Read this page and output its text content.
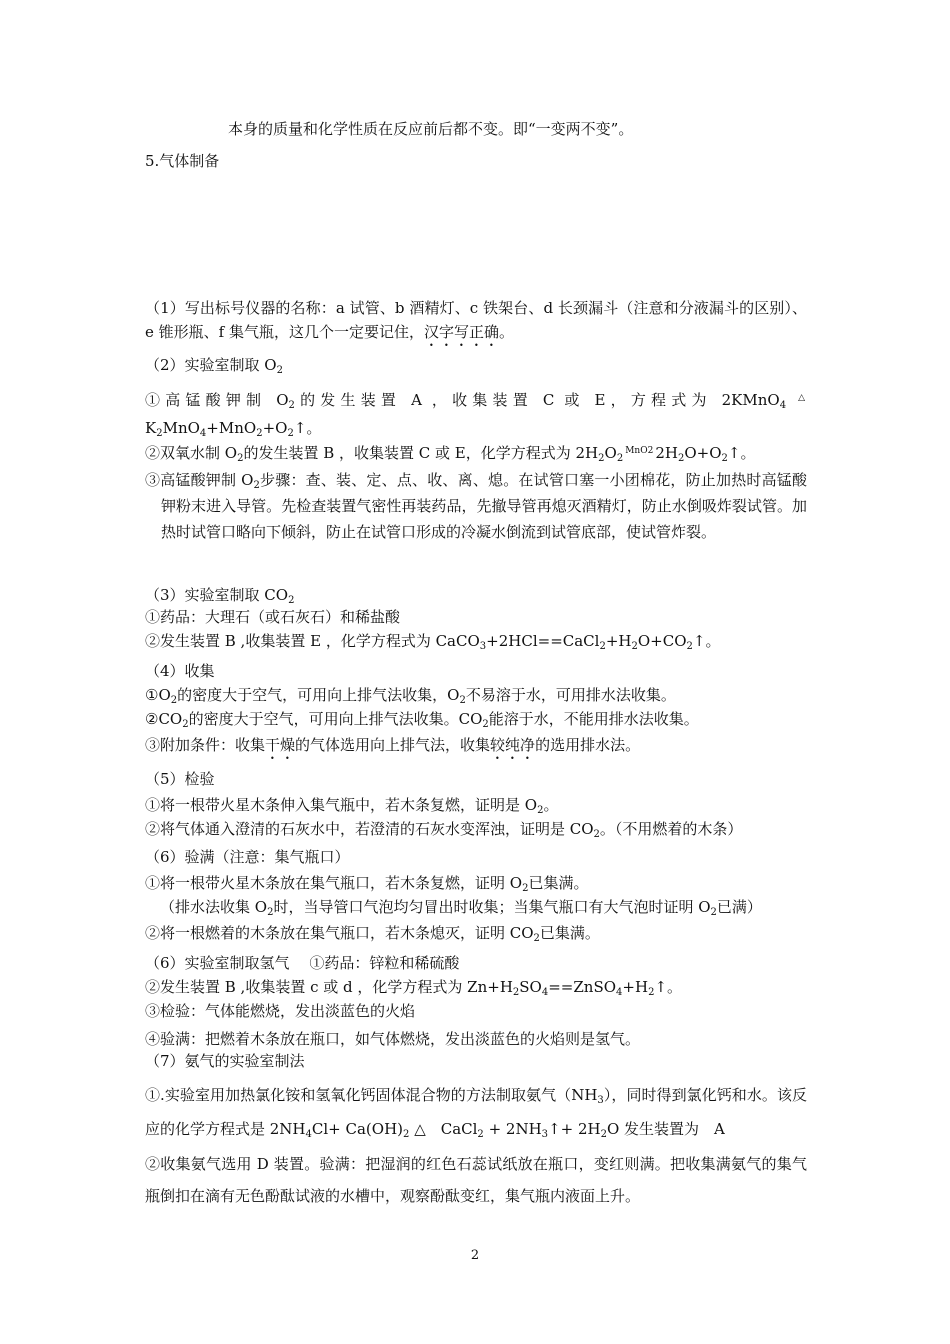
本身的质量和化学性质在反应前后都不变。即“一变两不变”。
5.气体制备
（1）写出标号仪器的名称：a 试管、b 酒精灯、c 铁架台、d 长颈漏斗（注意和分液漏斗的区别）、e 锥形瓶、f 集气瓶，这几个一定要记住，汉字写正确。
（2）实验室制取 $O_2$
①高锰酸钾制 $O_2$的发生装置 A ，收集装置 C 或 E，方程式为 2KMnO$_4$ △ $K_2MnO_4+MnO_2+O_2↑$。
②双氧水制 $O_2$的发生装置 B ，收集装置 C 或 E，化学方程式为 $2H_2O_2^{MnO2}$ $2H_2O+O_2↑$。
③高锰酸钾制 $O_2$步骤：查、装、定、点、收、离、熄。在试管口塞一小团棉花，防止加热时高锰酸钾粉末进入导管。先检查装置气密性再装药品，先撤导管再熄灭酒精灯，防止水倒吸炸裂试管。加热时试管口略向下倾斜，防止在试管口形成的冷凝水倒流到试管底部，使试管炸裂。
（3）实验室制取 $CO_2$
①药品：大理石（或石灰石）和稀盐酸
②发生装置 B ,收集装置 E ，化学方程式为 $CaCO_3+2HCl==CaCl_2+H_2O+CO_2↑$。
（4）收集
$①O_2$的密度大于空气，可用向上排气法收集，$O_2$不易溶于水，可用排水法收集。
$②CO_2$的密度大于空气，可用向上排气法收集。$CO_2$能溶于水，不能用排水法收集。
③附加条件：收集干燥的气体选用向上排气法，收集较纯净的选用排水法。
（5）检验
①将一根带火星木条伸入集气瓶中，若木条复燃，证明是 $O_2$。
②将气体通入澄清的石灰水中，若澄清的石灰水变浑浊，证明是 $CO_2$。（不用燃着的木条）
（6）验满（注意：集气瓶口）
①将一根带火星木条放在集气瓶口，若木条复燃，证明 $O_2$已集满。
（排水法收集 $O_2$时，当导管口气泡均匀冒出时收集；当集气瓶口有大气泡时证明 $O_2$已满）
②将一根燃着的木条放在集气瓶口，若木条熄灭，证明 $CO_2$已集满。
（6）实验室制取氢气　 ①药品：锌粒和稀硫酸
②发生装置 B ,收集装置 c 或 d ，化学方程式为 $Zn+H_2SO_4==ZnSO_4+H_2↑$。
③检验：气体能燃烧，发出淡蓝色的火焰
④验满：把燃着木条放在瓶口，如气体燃烧，发出淡蓝色的火焰则是氢气。
（7）氨气的实验室制法
①.实验室用加热氯化铵和氢氧化钙固体混合物的方法制取氨气$(NH_3)$，同时得到氯化钙和水。该反应的化学方程式是 $2NH_4Cl+ Ca(OH)_2$ △　CaCl$_2$ + $2NH_3↑+ 2H_2O$ 发生装置为　A
②收集氨气选用 D 装置。验满：把湿润的红色石蕊试纸放在瓶口，变红则满。把收集满氨气的集气瓶倒扣在滴有无色酚酞试液的水槽中，观察酚酞变红，集气瓶内液面上升。
2
